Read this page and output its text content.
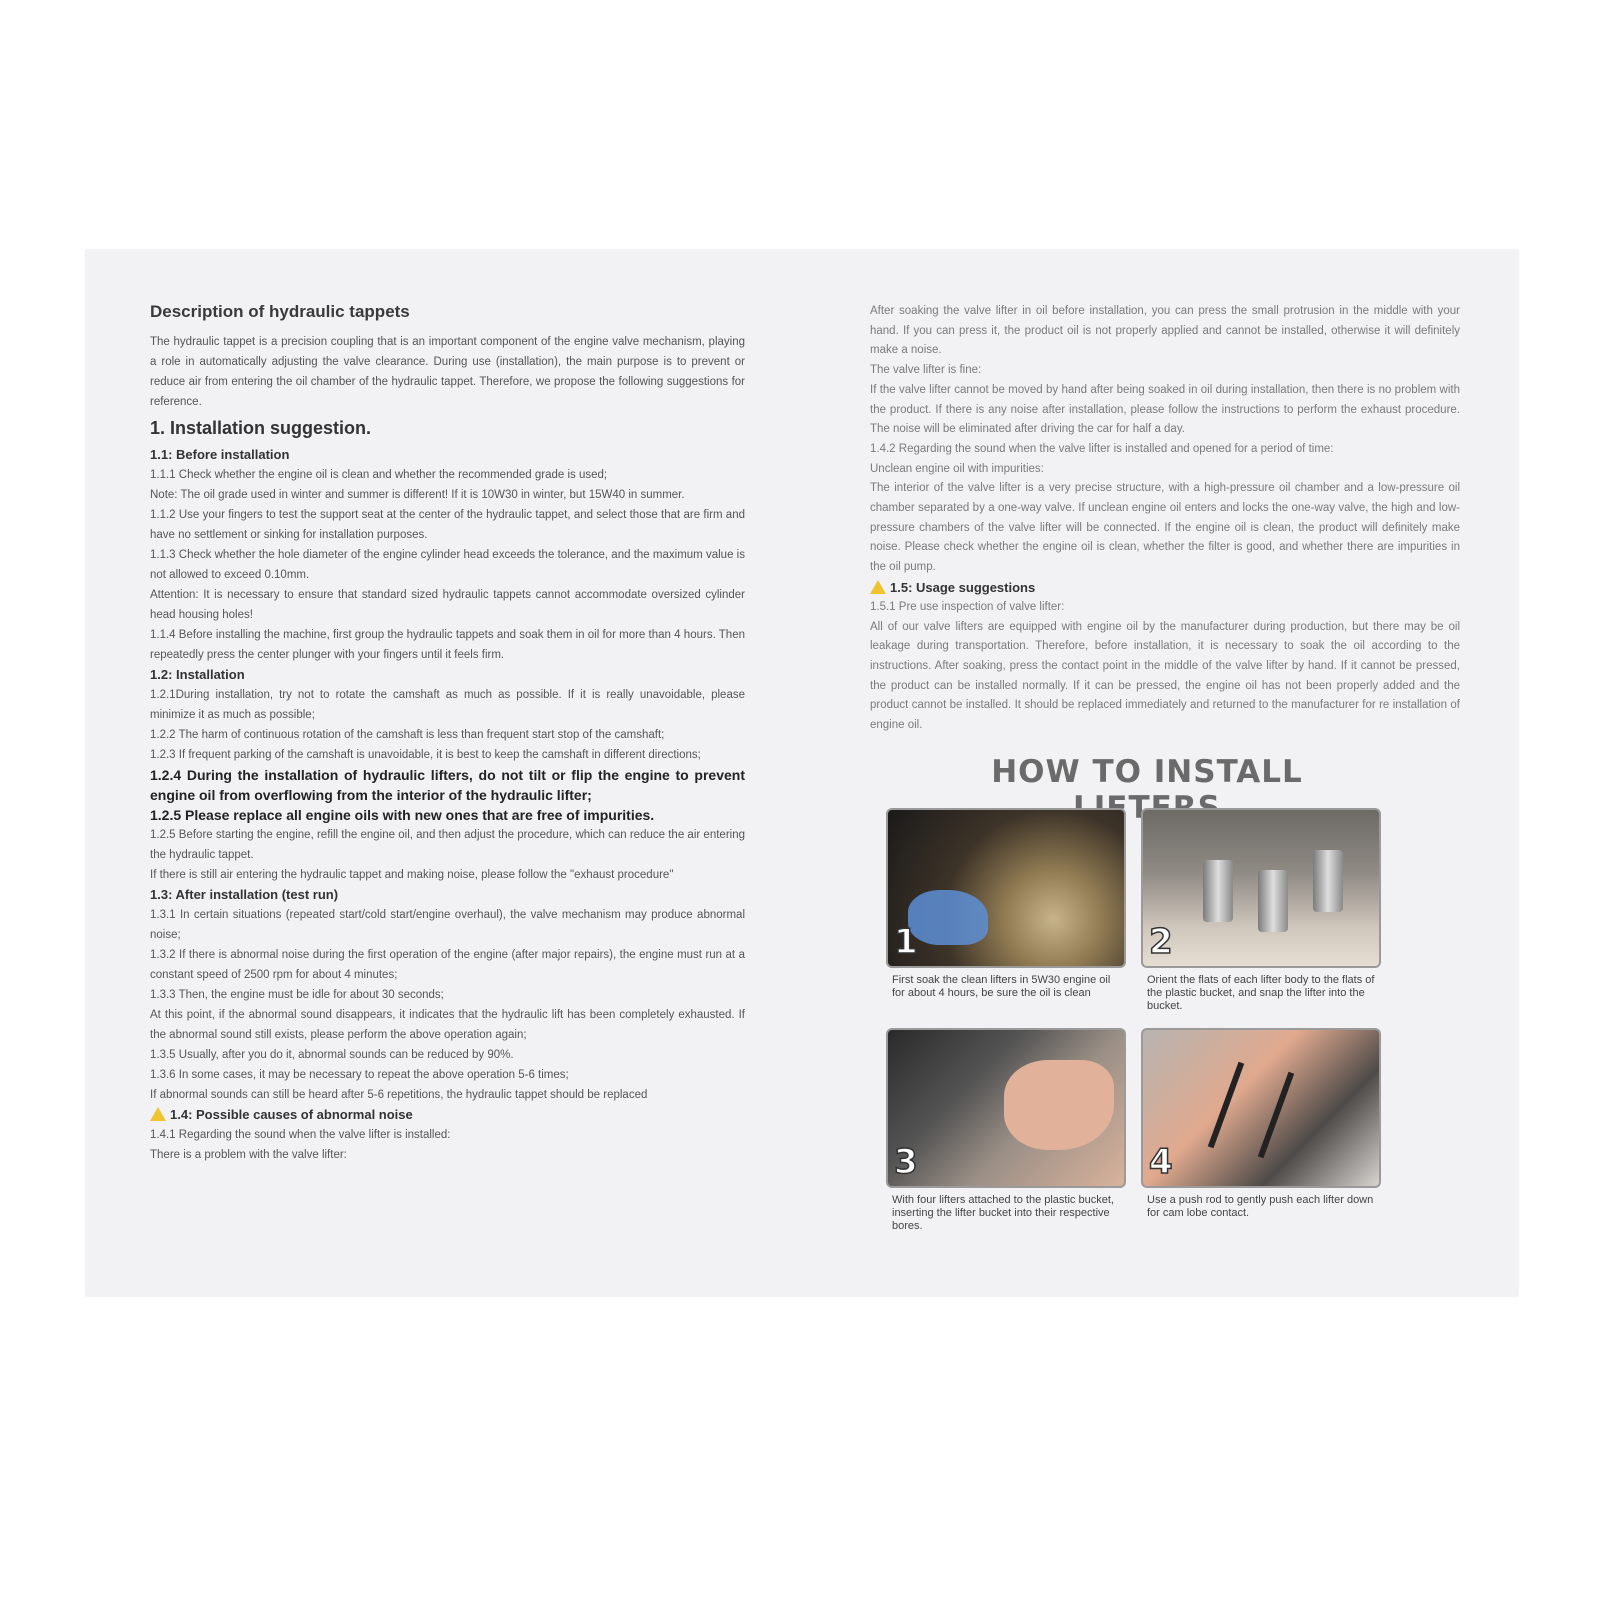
Description of hydraulic tappets

The hydraulic tappet is a precision coupling that is an important component of the engine valve mechanism, playing a role in automatically adjusting the valve clearance. During use (installation), the main purpose is to prevent or reduce air from entering the oil chamber of the hydraulic tappet. Therefore, we propose the following suggestions for reference.

1. Installation suggestion.
1.1: Before installation

1.1.1 Check whether the engine oil is clean and whether the recommended grade is used;

Note: The oil grade used in winter and summer is different! If it is 10W30 in winter, but 15W40 in summer.

1.1.2 Use your fingers to test the support seat at the center of the hydraulic tappet, and select those that are firm and have no settlement or sinking for installation purposes.

1.1.3 Check whether the hole diameter of the engine cylinder head exceeds the tolerance, and the maximum value is not allowed to exceed 0.10mm.

Attention: It is necessary to ensure that standard sized hydraulic tappets cannot accommodate oversized cylinder head housing holes!

1.1.4 Before installing the machine, first group the hydraulic tappets and soak them in oil for more than 4 hours. Then repeatedly press the center plunger with your fingers until it feels firm.

1.2: Installation

1.2.1During installation, try not to rotate the camshaft as much as possible. If it is really unavoidable, please minimize it as much as possible;

1.2.2 The harm of continuous rotation of the camshaft is less than frequent start stop of the camshaft;

1.2.3 If frequent parking of the camshaft is unavoidable, it is best to keep the camshaft in different directions;

1.2.4 During the installation of hydraulic lifters, do not tilt or flip the engine to prevent engine oil from overflowing from the interior of the hydraulic lifter;
1.2.5 Please replace all engine oils with new ones that are free of impurities.

1.2.5 Before starting the engine, refill the engine oil, and then adjust the procedure, which can reduce the air entering the hydraulic tappet.

If there is still air entering the hydraulic tappet and making noise, please follow the "exhaust procedure"

1.3: After installation (test run)

1.3.1 In certain situations (repeated start/cold start/engine overhaul), the valve mechanism may produce abnormal noise;

1.3.2 If there is abnormal noise during the first operation of the engine (after major repairs), the engine must run at a constant speed of 2500 rpm for about 4 minutes;

1.3.3 Then, the engine must be idle for about 30 seconds;

At this point, if the abnormal sound disappears, it indicates that the hydraulic lift has been completely exhausted. If the abnormal sound still exists, please perform the above operation again;

1.3.5 Usually, after you do it, abnormal sounds can be reduced by 90%.

1.3.6 In some cases, it may be necessary to repeat the above operation 5-6 times;

If abnormal sounds can still be heard after 5-6 repetitions, the hydraulic tappet should be replaced

1.4: Possible causes of abnormal noise

1.4.1 Regarding the sound when the valve lifter is installed:

There is a problem with the valve lifter:

After soaking the valve lifter in oil before installation, you can press the small protrusion in the middle with your hand. If you can press it, the product oil is not properly applied and cannot be installed, otherwise it will definitely make a noise.

The valve lifter is fine:

If the valve lifter cannot be moved by hand after being soaked in oil during installation, then there is no problem with the product. If there is any noise after installation, please follow the instructions to perform the exhaust procedure. The noise will be eliminated after driving the car for half a day.

1.4.2 Regarding the sound when the valve lifter is installed and opened for a period of time:

Unclean engine oil with impurities:

The interior of the valve lifter is a very precise structure, with a high-pressure oil chamber and a low-pressure oil chamber separated by a one-way valve. If unclean engine oil enters and locks the one-way valve, the high and low-pressure chambers of the valve lifter will be connected. If the engine oil is clean, the product will definitely make noise. Please check whether the engine oil is clean, whether the filter is good, and whether there are impurities in the oil pump.

1.5: Usage suggestions

1.5.1 Pre use inspection of valve lifter:

All of our valve lifters are equipped with engine oil by the manufacturer during production, but there may be oil leakage during transportation. Therefore, before installation, it is necessary to soak the oil according to the instructions. After soaking, press the contact point in the middle of the valve lifter by hand. If it cannot be pressed, the product can be installed normally. If it can be pressed, the engine oil has not been properly added and the product cannot be installed. It should be replaced immediately and returned to the manufacturer for re installation of engine oil.

HOW TO INSTALL
1
First soak the clean lifters in 5W30 engine oil for about 4 hours, be sure the oil is clean
2
Orient the flats of each lifter body to the flats of the plastic bucket, and snap the lifter into the bucket.
3
With four lifters attached to the plastic bucket, inserting the lifter bucket into their respective bores.
4
Use a push rod to gently push each lifter down for cam lobe contact.
